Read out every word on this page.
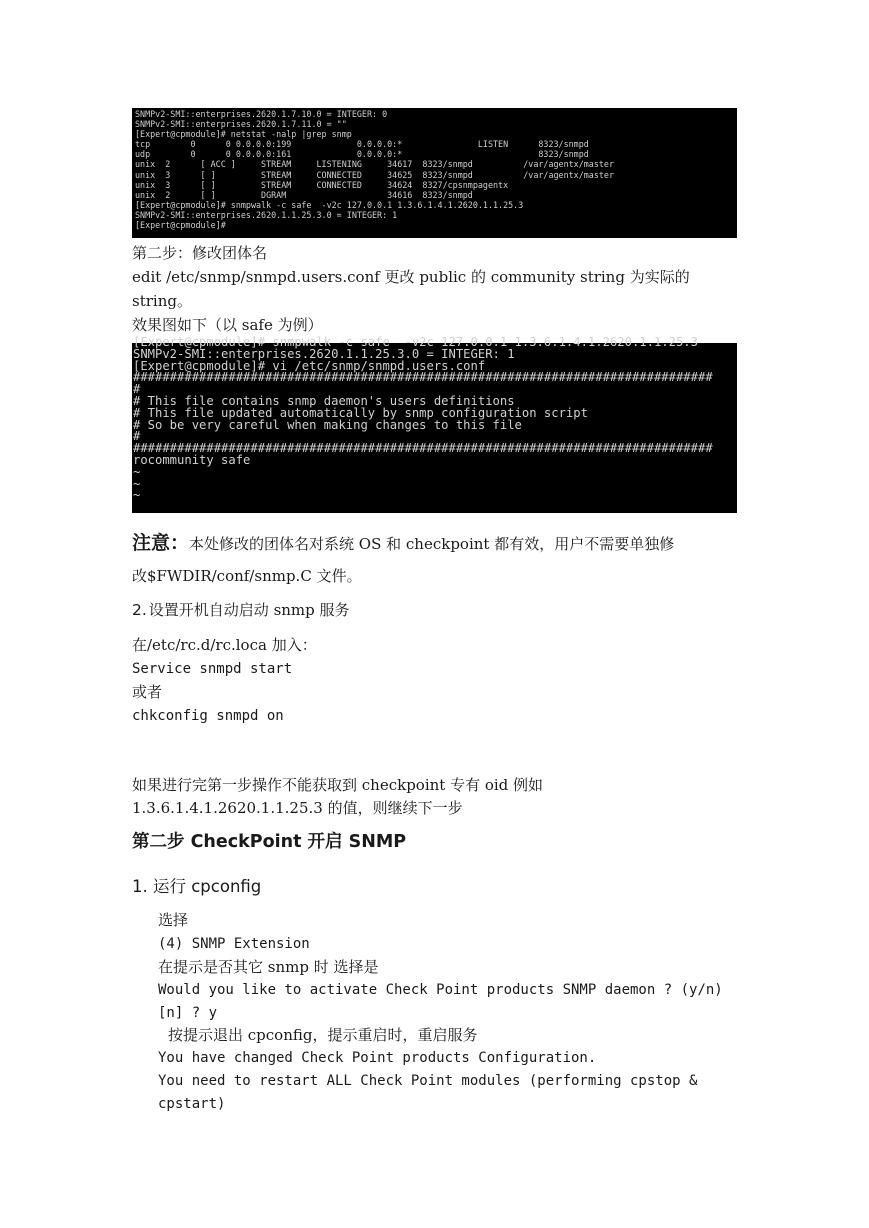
SNMPv2-SMI::enterprises.2620.1.7.10.0 = INTEGER: 0
SNMPv2-SMI::enterprises.2620.1.7.11.0 = ""
[Expert@cpmodule]# netstat -nalp |grep snmp
tcp        0      0 0.0.0.0:199             0.0.0.0:*               LISTEN      8323/snmpd
udp        0      0 0.0.0.0:161             0.0.0.0:*                           8323/snmpd
unix  2      [ ACC ]     STREAM     LISTENING     34617  8323/snmpd          /var/agentx/master
unix  3      [ ]         STREAM     CONNECTED     34625  8323/snmpd          /var/agentx/master
unix  3      [ ]         STREAM     CONNECTED     34624  8327/cpsnmpagentx
unix  2      [ ]         DGRAM                    34616  8323/snmpd
[Expert@cpmodule]# snmpwalk -c safe  -v2c 127.0.0.1 1.3.6.1.4.1.2620.1.1.25.3
SNMPv2-SMI::enterprises.2620.1.1.25.3.0 = INTEGER: 1
[Expert@cpmodule]#
第二步：修改团体名
edit /etc/snmp/snmpd.users.conf 更改 public 的 community string 为实际的
string。
效果图如下（以 safe 为例）
[Expert@cpmodule]# snmpwalk -c safe  -v2c 127.0.0.1 1.3.6.1.4.1.2620.1.1.25.3
SNMPv2-SMI::enterprises.2620.1.1.25.3.0 = INTEGER: 1
[Expert@cpmodule]# vi /etc/snmp/snmpd.users.conf
###############################################################################
#
# This file contains snmp daemon's users definitions
# This file updated automatically by snmp configuration script
# So be very careful when making changes to this file
#
###############################################################################
rocommunity safe
~
~
~
注意：本处修改的团体名对系统 OS 和 checkpoint 都有效，用户不需要单独修
改$FWDIR/conf/snmp.C 文件。
2. 设置开机自动启动 snmp 服务
在/etc/rc.d/rc.loca 加入：
Service snmpd start
或者
chkconfig snmpd on
如果进行完第一步操作不能获取到 checkpoint 专有 oid 例如
1.3.6.1.4.1.2620.1.1.25.3 的值，则继续下一步
第二步 CheckPoint 开启 SNMP
1. 运行 cpconfig
选择
(4) SNMP Extension
在提示是否其它 snmp 时 选择是
Would you like to activate Check Point products SNMP daemon ? (y/n)
[n] ? y
按提示退出 cpconfig，提示重启时，重启服务
You have changed Check Point products Configuration.
You need to restart ALL Check Point modules (performing cpstop &
cpstart)
